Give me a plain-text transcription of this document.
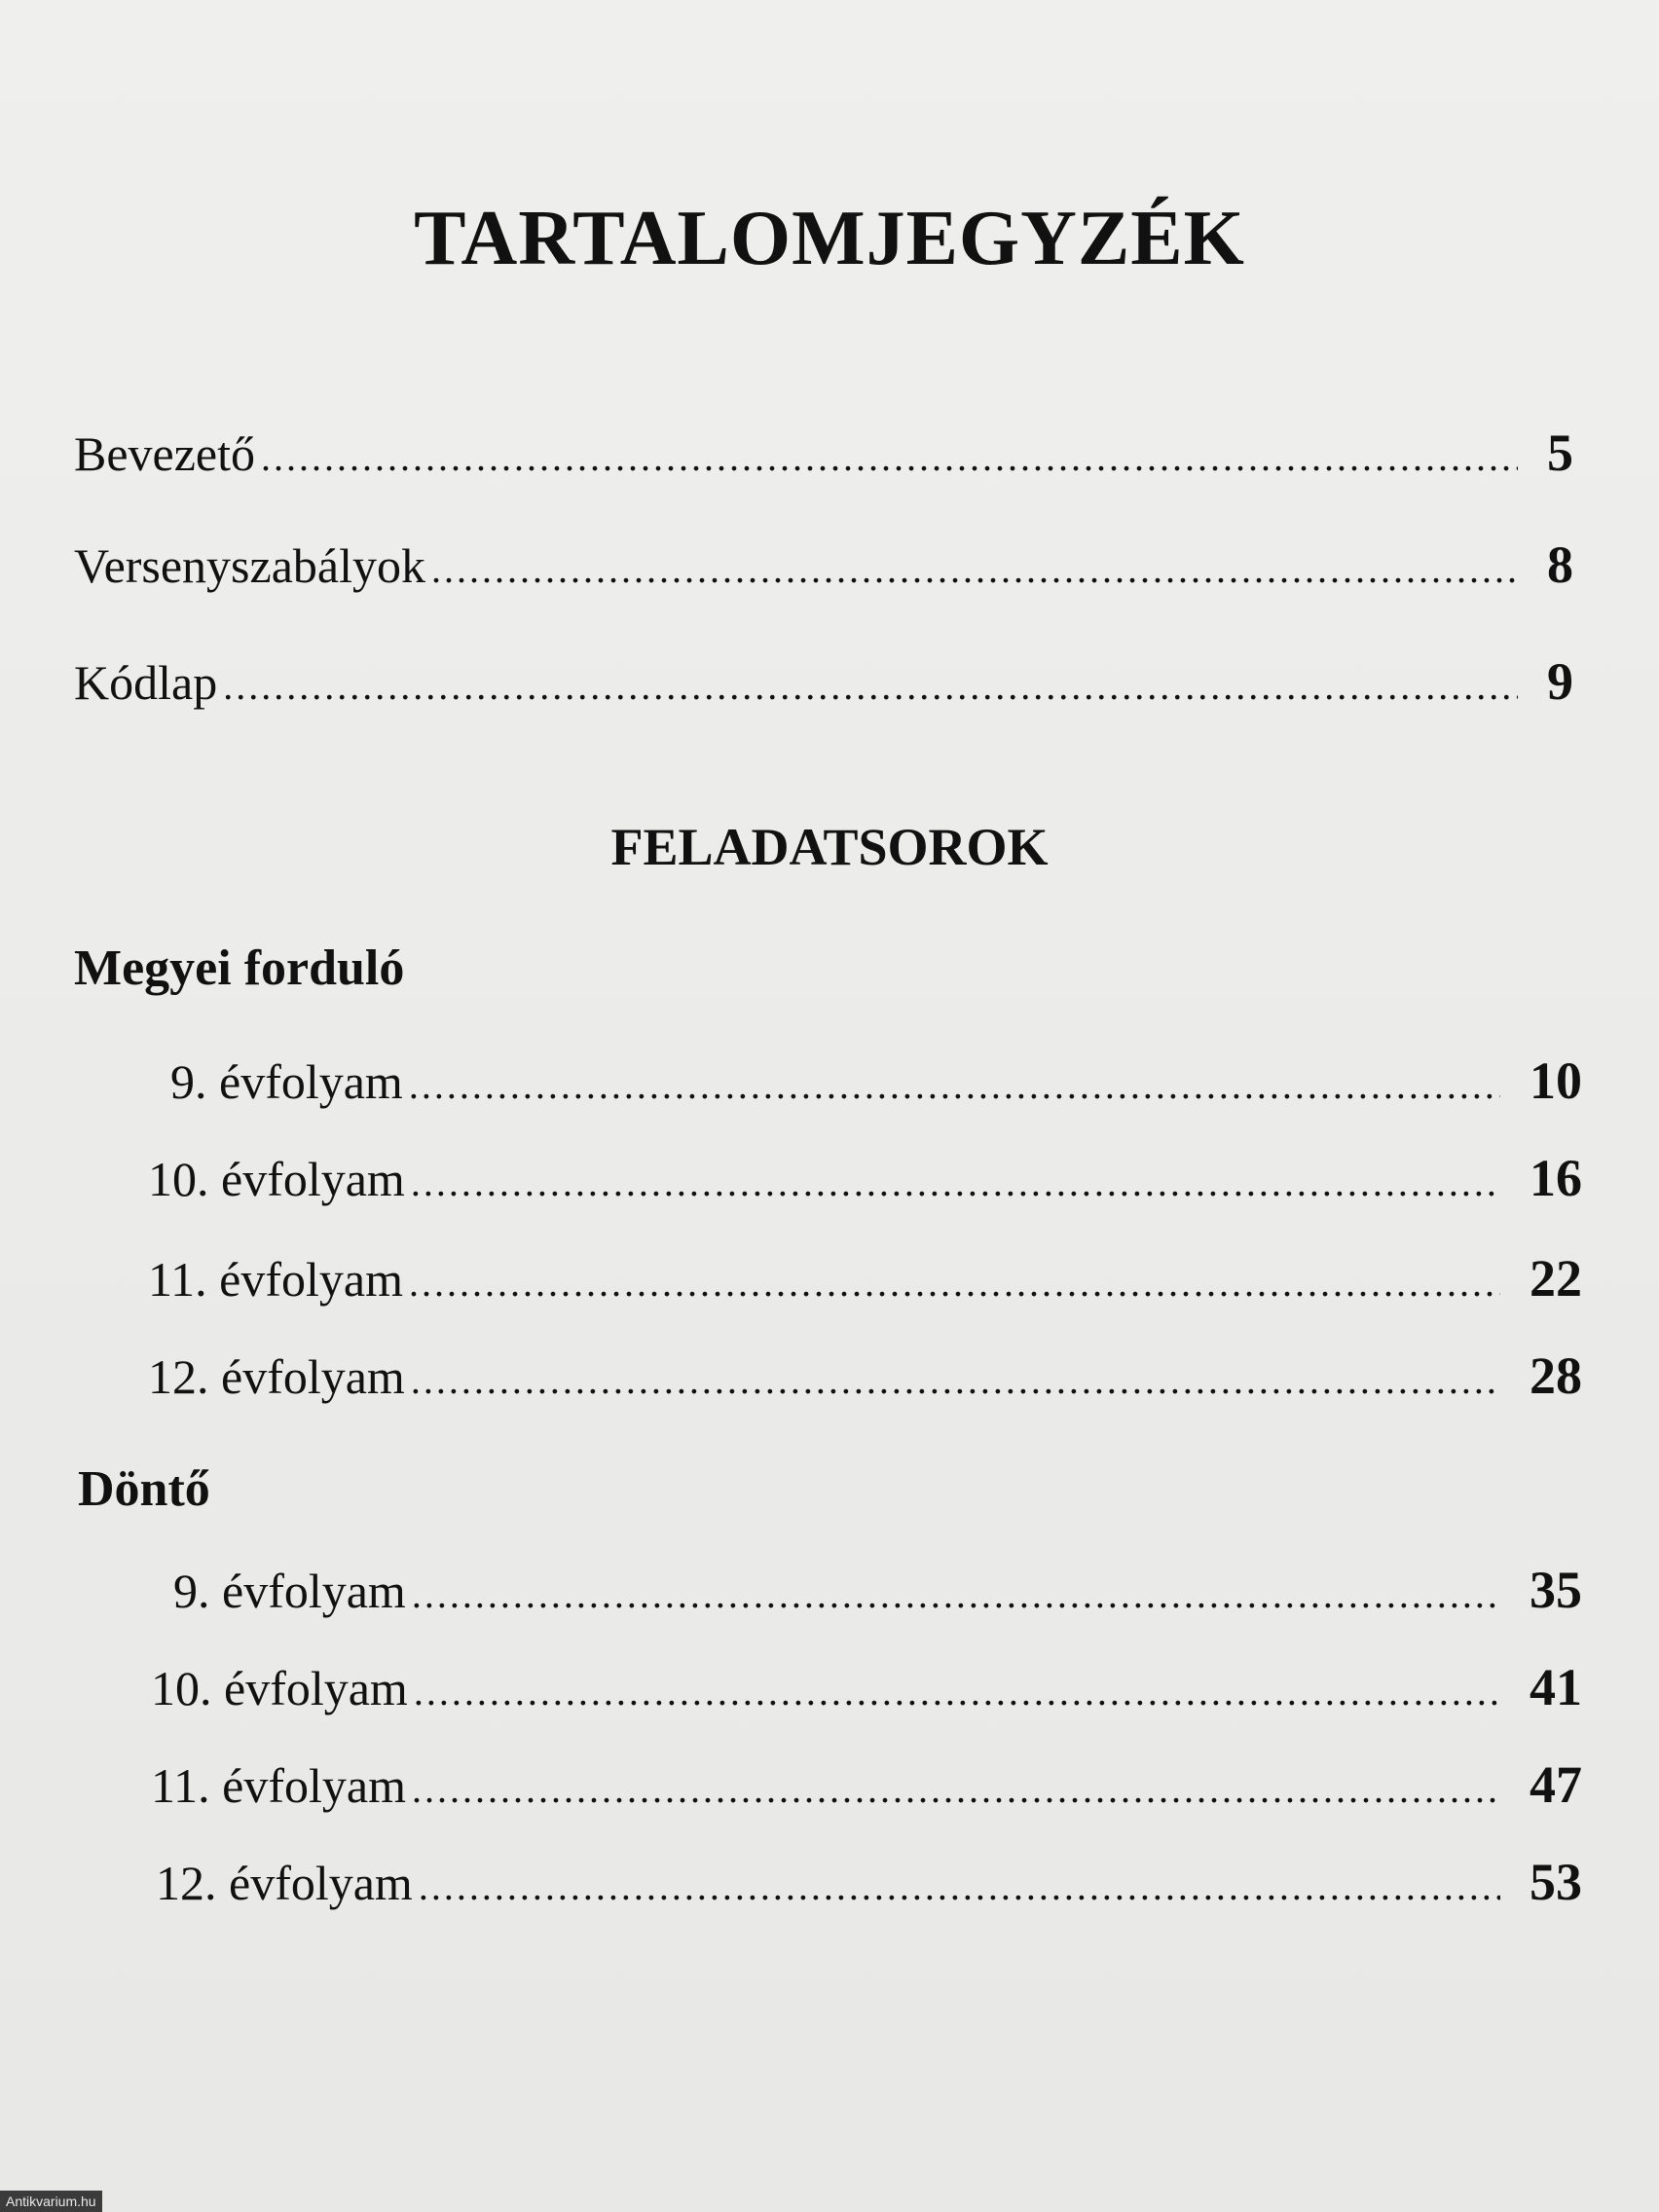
TARTALOMJEGYZÉK
Bevezető .....	5
Versenyszabályok .....	8
Kódlap .....	9
FELADATSOROK
Megyei forduló
9. évfolyam .....	10
10. évfolyam .....	16
11. évfolyam .....	22
12. évfolyam .....	28
Döntő
9. évfolyam .....	35
10. évfolyam .....	41
11. évfolyam .....	47
12. évfolyam .....	53
Antikvarium.hu
